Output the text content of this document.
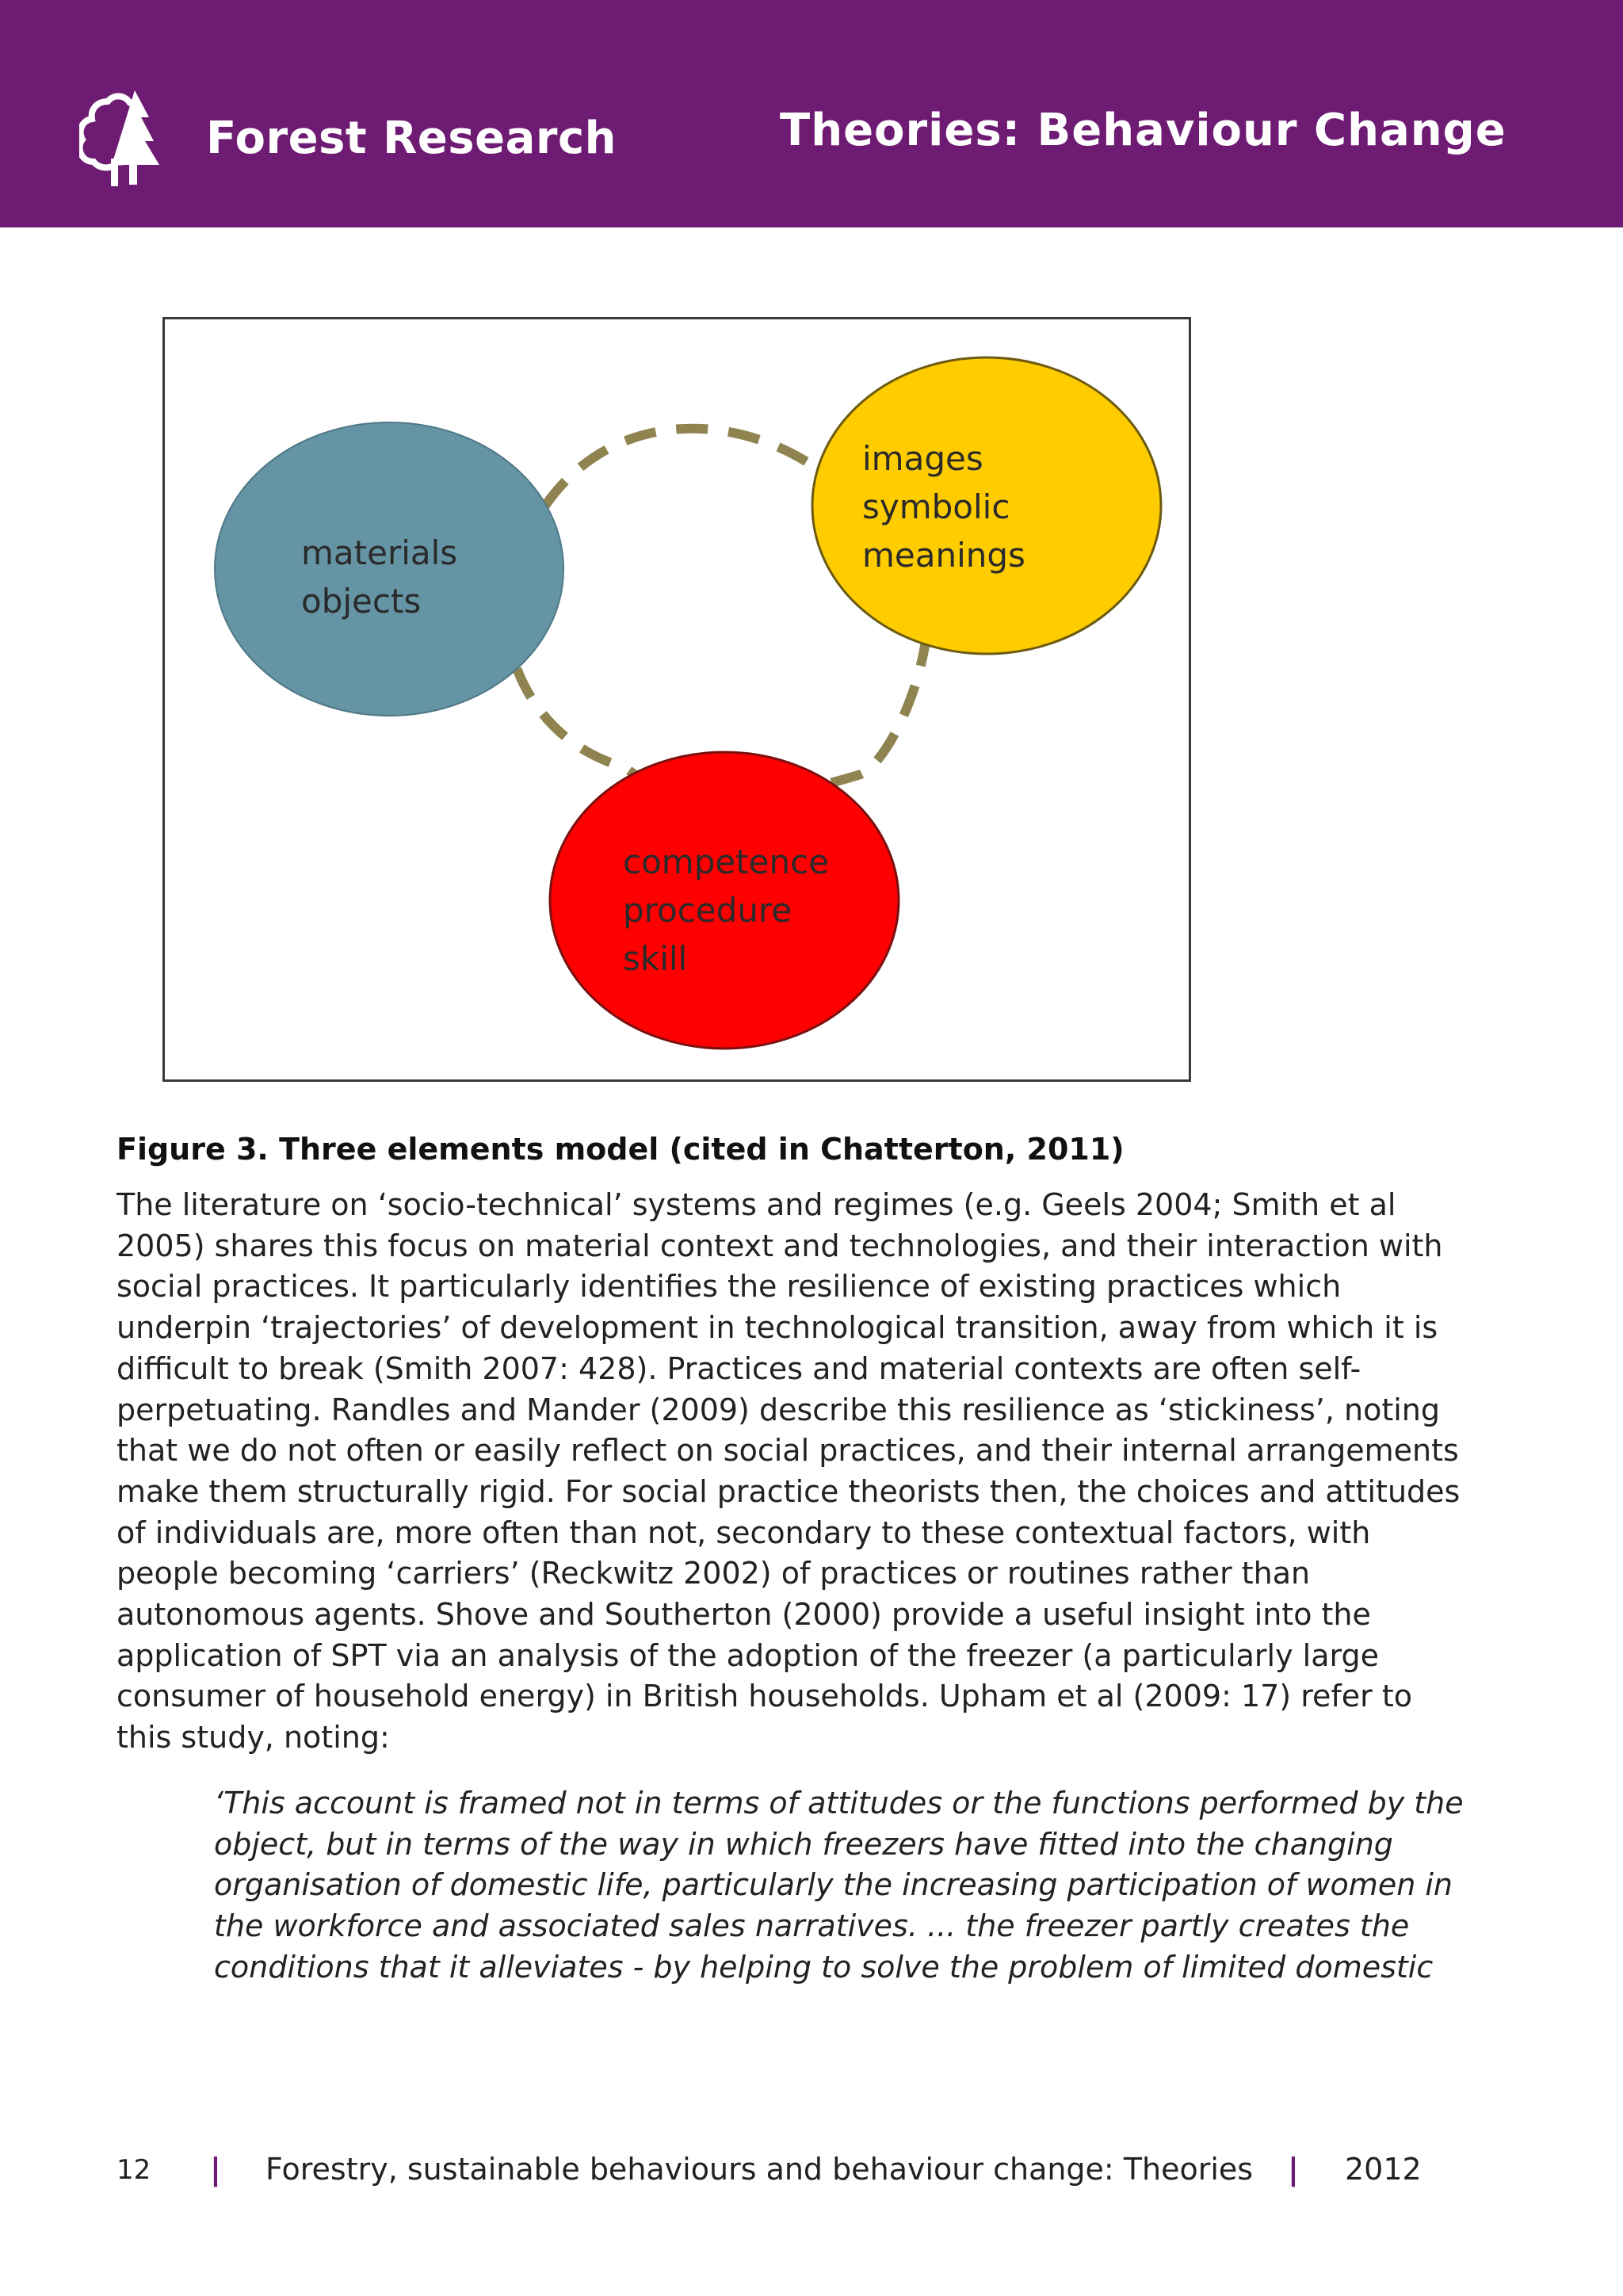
Forest Research	Theories: Behaviour Change
materials
objects
images
symbolic
meanings
competence
procedure
skill
Figure 3. Three elements model (cited in Chatterton, 2011)
The literature on ‘socio-technical’ systems and regimes (e.g. Geels 2004; Smith et al
2005) shares this focus on material context and technologies, and their interaction with
social practices. It particularly identifies the resilience of existing practices which
underpin ‘trajectories’ of development in technological transition, away from which it is
difficult to break (Smith 2007: 428). Practices and material contexts are often self-
perpetuating. Randles and Mander (2009) describe this resilience as ‘stickiness’, noting
that we do not often or easily reflect on social practices, and their internal arrangements
make them structurally rigid. For social practice theorists then, the choices and attitudes
of individuals are, more often than not, secondary to these contextual factors, with
people becoming ‘carriers’ (Reckwitz 2002) of practices or routines rather than
autonomous agents. Shove and Southerton (2000) provide a useful insight into the
application of SPT via an analysis of the adoption of the freezer (a particularly large
consumer of household energy) in British households. Upham et al (2009: 17) refer to
this study, noting:
‘This account is framed not in terms of attitudes or the functions performed by the
object, but in terms of the way in which freezers have fitted into the changing
organisation of domestic life, particularly the increasing participation of women in
the workforce and associated sales narratives. ... the freezer partly creates the
conditions that it alleviates - by helping to solve the problem of limited domestic
12 | Forestry, sustainable behaviours and behaviour change: Theories | 2012
